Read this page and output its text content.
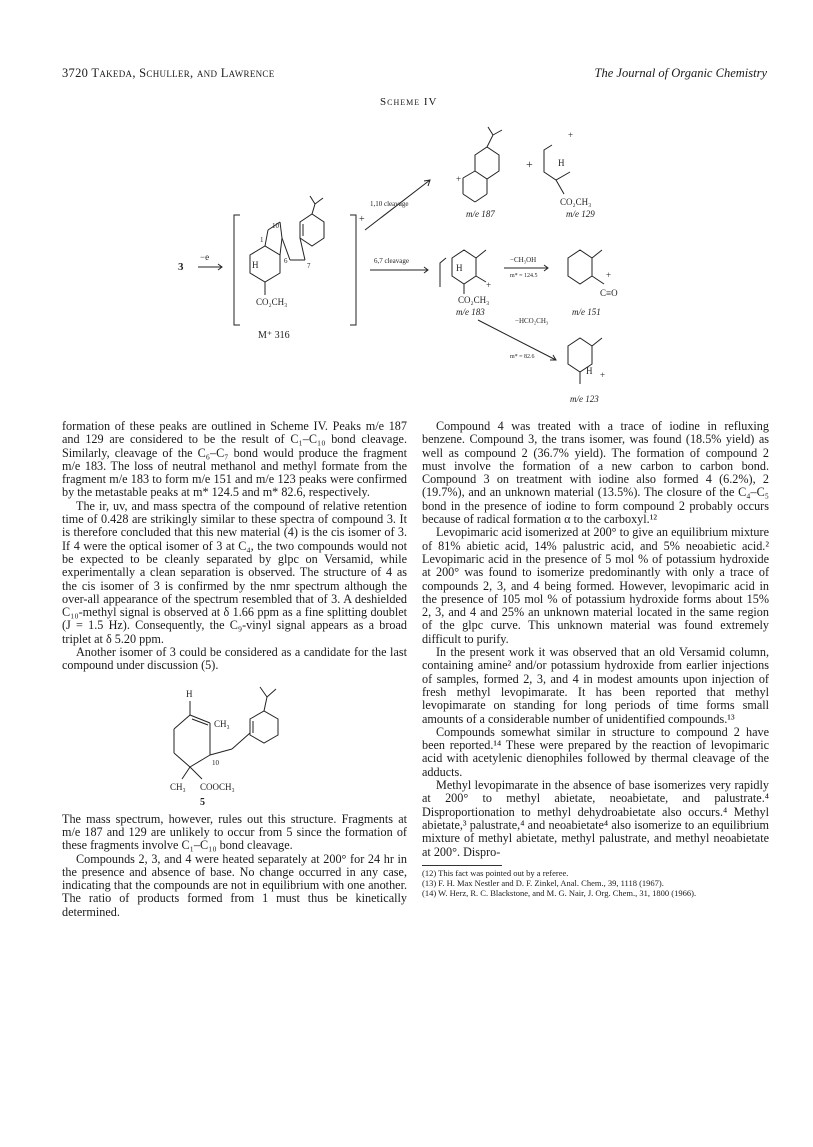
3720 Takeda, Schuller, and Lawrence	The Journal of Organic Chemistry
Scheme IV
3
−e
+
H
1
10
6
7
CO₂CH₃
M⁺ 316
1,10 cleavage
+
m/e 187
+
+
H
CO₂CH₃
m/e 129
6,7 cleavage
H
+
CO₂CH₃
m/e 183
−CH₃OH
m* = 124.5	+
C≡O
m/e 151
−HCO₂CH₃
m* = 82.6
H +
m/e 123

formation of these peaks are outlined in Scheme IV. Peaks m/e 187 and 129 are considered to be the result of C₁–C₁₀ bond cleavage. Similarly, cleavage of the C₆–C₇ bond would produce the fragment m/e 183. The loss of neutral methanol and methyl formate from the fragment m/e 183 to form m/e 151 and m/e 123 peaks were confirmed by the metastable peaks at m* 124.5 and m* 82.6, respectively.

The ir, uv, and mass spectra of the compound of relative retention time of 0.428 are strikingly similar to these spectra of compound 3. It is therefore concluded that this new material (4) is the cis isomer of 3. If 4 were the optical isomer of 3 at C₄, the two compounds would not be expected to be cleanly separated by glpc on Versamid, while experimentally a clean separation is observed. The structure of 4 as the cis isomer of 3 is confirmed by the nmr spectrum although the over-all appearance of the spectrum resembled that of 3. A deshielded C₁₀-methyl signal is observed at δ 1.66 ppm as a fine splitting doublet (J = 1.5 Hz). Consequently, the C₉-vinyl signal appears as a broad triplet at δ 5.20 ppm.

Another isomer of 3 could be considered as a candidate for the last compound under discussion (5).

H
CH₃
10
CH₃ COOCH₃
5

The mass spectrum, however, rules out this structure. Fragments at m/e 187 and 129 are unlikely to occur from 5 since the formation of these fragments involve C₁–C₁₀ bond cleavage.

Compounds 2, 3, and 4 were heated separately at 200° for 24 hr in the presence and absence of base. No change occurred in any case, indicating that the compounds are not in equilibrium with one another. The ratio of products formed from 1 must thus be kinetically determined.

Compound 4 was treated with a trace of iodine in refluxing benzene. Compound 3, the trans isomer, was found (18.5% yield) as well as compound 2 (36.7% yield). The formation of compound 2 must involve the formation of a new carbon to carbon bond. Compound 3 on treatment with iodine also formed 4 (6.2%), 2 (19.7%), and an unknown material (13.5%). The closure of the C₄–C₅ bond in the presence of iodine to form compound 2 probably occurs because of radical formation α to the carboxyl.¹²

Levopimaric acid isomerized at 200° to give an equilibrium mixture of 81% abietic acid, 14% palustric acid, and 5% neoabietic acid.² Levopimaric acid in the presence of 5 mol % of potassium hydroxide at 200° was found to isomerize predominantly with only a trace of compounds 2, 3, and 4 being formed. However, levopimaric acid in the presence of 105 mol % of potassium hydroxide forms about 15% 2, 3, and 4 and 25% an unknown material located in the same region of the glpc curve. This unknown material was found extremely difficult to purify.

In the present work it was observed that an old Versamid column, containing amine² and/or potassium hydroxide from earlier injections of samples, formed 2, 3, and 4 in modest amounts upon injection of fresh methyl levopimarate. It has been reported that methyl levopimarate on standing for long periods of time forms small amounts of a considerable number of unidentified compounds.¹³

Compounds somewhat similar in structure to compound 2 have been reported.¹⁴ These were prepared by the reaction of levopimaric acid with acetylenic dienophiles followed by thermal cleavage of the adducts.

Methyl levopimarate in the absence of base isomerizes very rapidly at 200° to methyl abietate, neoabietate, and palustrate.⁴ Disproportionation to methyl dehydroabietate also occurs.⁴ Methyl abietate,³ palustrate,⁴ and neoabietate⁴ also isomerize to an equilibrium mixture of methyl abietate, methyl palustrate, and methyl neoabietate at 200°. Dispro-

(12) This fact was pointed out by a referee.
(13) F. H. Max Nestler and D. F. Zinkel, Anal. Chem., 39, 1118 (1967).
(14) W. Herz, R. C. Blackstone, and M. G. Nair, J. Org. Chem., 31, 1800 (1966).
